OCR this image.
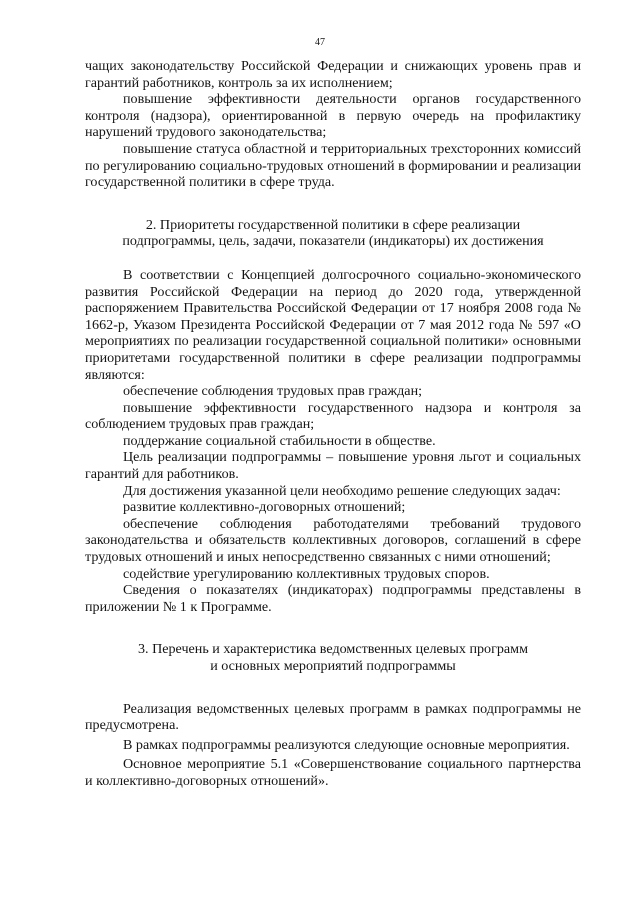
47

чащих законодательству Российской Федерации и снижающих уровень прав и гарантий работников, контроль за их исполнением;

повышение эффективности деятельности органов государственного контроля (надзора), ориентированной в первую очередь на профилактику нарушений трудового законодательства;

повышение статуса областной и территориальных трехсторонних комиссий по регулированию социально-трудовых отношений в формировании и реализации государственной политики в сфере труда.

2. Приоритеты государственной политики в сфере реализации

подпрограммы, цель, задачи, показатели (индикаторы) их достижения

В соответствии с Концепцией долгосрочного социально-экономического развития Российской Федерации на период до 2020 года, утвержденной распоряжением Правительства Российской Федерации от 17 ноября 2008 года № 1662-р, Указом Президента Российской Федерации от 7 мая 2012 года № 597 «О мероприятиях по реализации государственной социальной политики» основными приоритетами государственной политики в сфере реализации подпрограммы являются:

обеспечение соблюдения трудовых прав граждан;

повышение эффективности государственного надзора и контроля за соблюдением трудовых прав граждан;

поддержание социальной стабильности в обществе.

Цель реализации подпрограммы – повышение уровня льгот и социальных гарантий для работников.

Для достижения указанной цели необходимо решение следующих задач:

развитие коллективно-договорных отношений;

обеспечение соблюдения работодателями требований трудового законодательства и обязательств коллективных договоров, соглашений в сфере трудовых отношений и иных непосредственно связанных с ними отношений;

содействие урегулированию коллективных трудовых споров.

Сведения о показателях (индикаторах) подпрограммы представлены в приложении № 1 к Программе.

3. Перечень и характеристика ведомственных целевых программ

и основных мероприятий подпрограммы

Реализация ведомственных целевых программ в рамках подпрограммы не предусмотрена.

В рамках подпрограммы реализуются следующие основные мероприятия.

Основное мероприятие 5.1 «Совершенствование социального партнерства и коллективно-договорных отношений».
